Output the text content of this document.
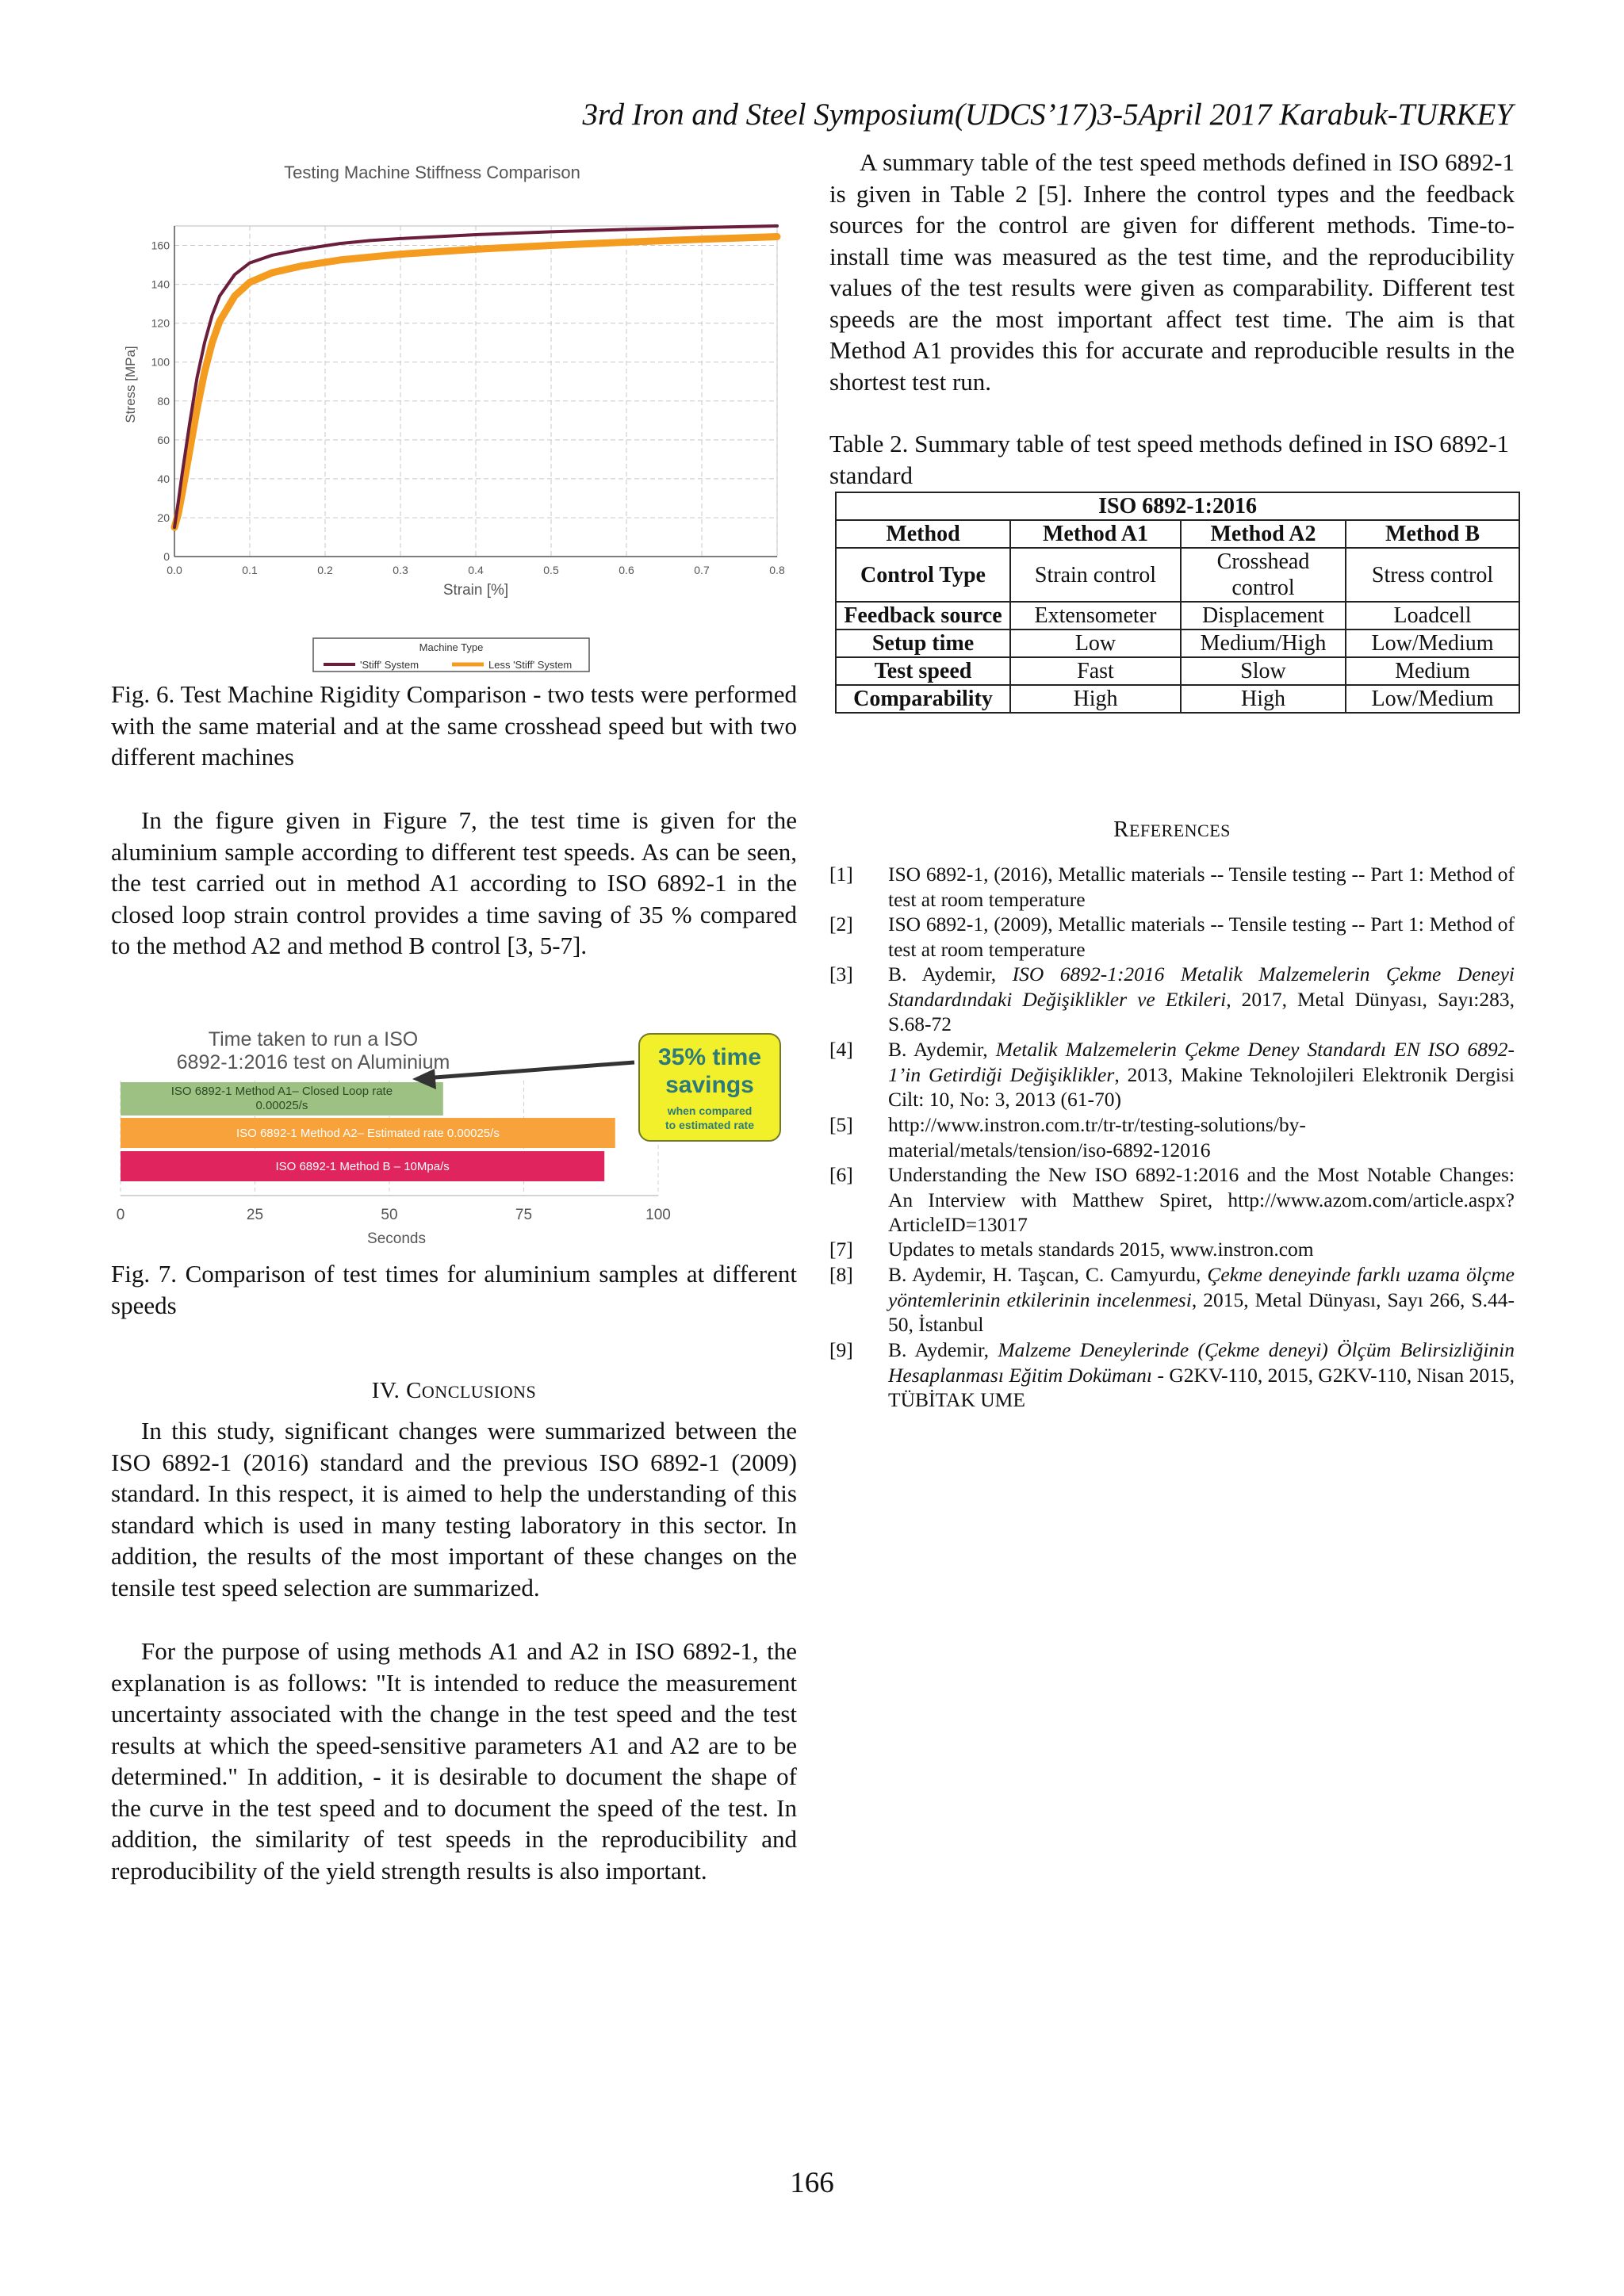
3rd Iron and Steel Symposium(UDCS’17)3-5April 2017 Karabuk-TURKEY
Testing Machine Stiffness Comparison
0.0	0.1	0.2	0.3	0.4	0.5	0.6	0.7	0.8
0
20
40
60
80
100
120
140
160
Strain [%]
Stress [MPa]
Machine Type
'Stiff' System	Less 'Stiff' System

Fig. 6. Test Machine Rigidity Comparison - two tests were performed with the same material and at the same crosshead speed but with two different machines

In the figure given in Figure 7, the test time is given for the aluminium sample according to different test speeds. As can be seen, the test carried out in method A1 according to ISO 6892-1 in the closed loop strain control provides a time saving of 35 % compared to the method A2 and method B control [3, 5-7].

Time taken to run a ISO
6892-1:2016 test on Aluminium
ISO 6892-1 Method A1– Closed Loop rate 0.00025/s
ISO 6892-1 Method A2– Estimated rate 0.00025/s
ISO 6892-1 Method B – 10Mpa/s
0	25	50	75	100
Seconds
35% time
savings
when compared
to estimated rate

Fig. 7. Comparison of test times for aluminium samples at different speeds

IV. CONCLUSIONS

In this study, significant changes were summarized between the ISO 6892-1 (2016) standard and the previous ISO 6892-1 (2009) standard. In this respect, it is aimed to help the understanding of this standard which is used in many testing laboratory in this sector. In addition, the results of the most important of these changes on the tensile test speed selection are summarized.

For the purpose of using methods A1 and A2 in ISO 6892-1, the explanation is as follows: "It is intended to reduce the measurement uncertainty associated with the change in the test speed and the test results at which the speed-sensitive parameters A1 and A2 are to be determined." In addition, - it is desirable to document the shape of the curve in the test speed and to document the speed of the test. In addition, the similarity of test speeds in the reproducibility and reproducibility of the yield strength results is also important.

A summary table of the test speed methods defined in ISO 6892-1 is given in Table 2 [5]. Inhere the control types and the feedback sources for the control are given for different methods. Time-to-install time was measured as the test time, and the reproducibility values of the test results were given as comparability. Different test speeds are the most important affect test time. The aim is that Method A1 provides this for accurate and reproducible results in the shortest test run.

Table 2. Summary table of test speed methods defined in ISO 6892-1 standard

ISO 6892-1:2016			
Method	Method A1	Method A2	Method B
Control Type	Strain control	Crosshead control	Stress control
Feedback source	Extensometer	Displacement	Loadcell
Setup time	Low	Medium/High	Low/Medium
Test speed	Fast	Slow	Medium
Comparability	High	High	Low/Medium
REFERENCES
[1]	ISO 6892-1, (2016), Metallic materials -- Tensile testing -- Part 1: Method of test at room temperature
[2]	ISO 6892-1, (2009), Metallic materials -- Tensile testing -- Part 1: Method of test at room temperature
[3]	B. Aydemir, ISO 6892-1:2016 Metalik Malzemelerin Çekme Deneyi Standardındaki Değişiklikler ve Etkileri, 2017, Metal Dünyası, Sayı:283, S.68-72
[4]	B. Aydemir, Metalik Malzemelerin Çekme Deney Standardı EN ISO 6892-1’in Getirdiği Değişiklikler, 2013, Makine Teknolojileri Elektronik Dergisi Cilt: 10, No: 3, 2013 (61-70)
[5]	http://www.instron.com.tr/tr-tr/testing-solutions/by-material/metals/tension/iso-6892-12016
[6]	Understanding the New ISO 6892-1:2016 and the Most Notable Changes: An Interview with Matthew Spiret, http://www.azom.com/article.aspx?ArticleID=13017
[7]	Updates to metals standards 2015, www.instron.com
[8]	B. Aydemir, H. Taşcan, C. Camyurdu, Çekme deneyinde farklı uzama ölçme yöntemlerinin etkilerinin incelenmesi, 2015, Metal Dünyası, Sayı 266, S.44-50, İstanbul
[9]	B. Aydemir, Malzeme Deneylerinde (Çekme deneyi) Ölçüm Belirsizliğinin Hesaplanması Eğitim Dokümanı - G2KV-110, 2015, G2KV-110, Nisan 2015, TÜBİTAK UME
166
